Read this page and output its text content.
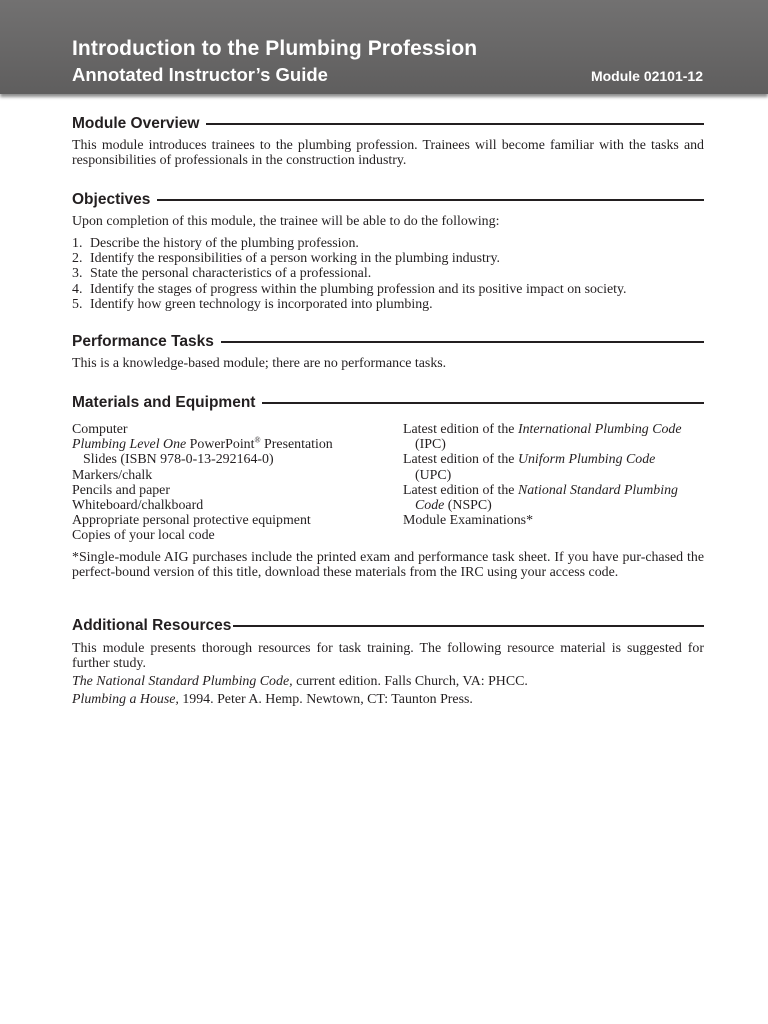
Introduction to the Plumbing Profession
Annotated Instructor’s Guide	Module 02101-12
Module Overview

This module introduces trainees to the plumbing profession. Trainees will become familiar with the tasks and responsibilities of professionals in the construction industry.

Objectives

Upon completion of this module, the trainee will be able to do the following:

1. Describe the history of the plumbing profession.
2. Identify the responsibilities of a person working in the plumbing industry.
3. State the personal characteristics of a professional.
4. Identify the stages of progress within the plumbing profession and its positive impact on society.
5. Identify how green technology is incorporated into plumbing.
Performance Tasks

This is a knowledge-based module; there are no performance tasks.

Materials and Equipment
Computer
Plumbing Level One PowerPoint® Presentation
Slides (ISBN 978-0-13-292164-0)
Markers/chalk
Pencils and paper
Whiteboard/chalkboard
Appropriate personal protective equipment
Copies of your local code
Latest edition of the International Plumbing Code
(IPC)
Latest edition of the Uniform Plumbing Code
(UPC)
Latest edition of the National Standard Plumbing
Code (NSPC)
Module Examinations*

*Single-module AIG purchases include the printed exam and performance task sheet. If you have pur-chased the perfect-bound version of this title, download these materials from the IRC using your access code.

Additional Resources

This module presents thorough resources for task training. The following resource material is suggested for further study.

The National Standard Plumbing Code, current edition. Falls Church, VA: PHCC.

Plumbing a House, 1994. Peter A. Hemp. Newtown, CT: Taunton Press.
